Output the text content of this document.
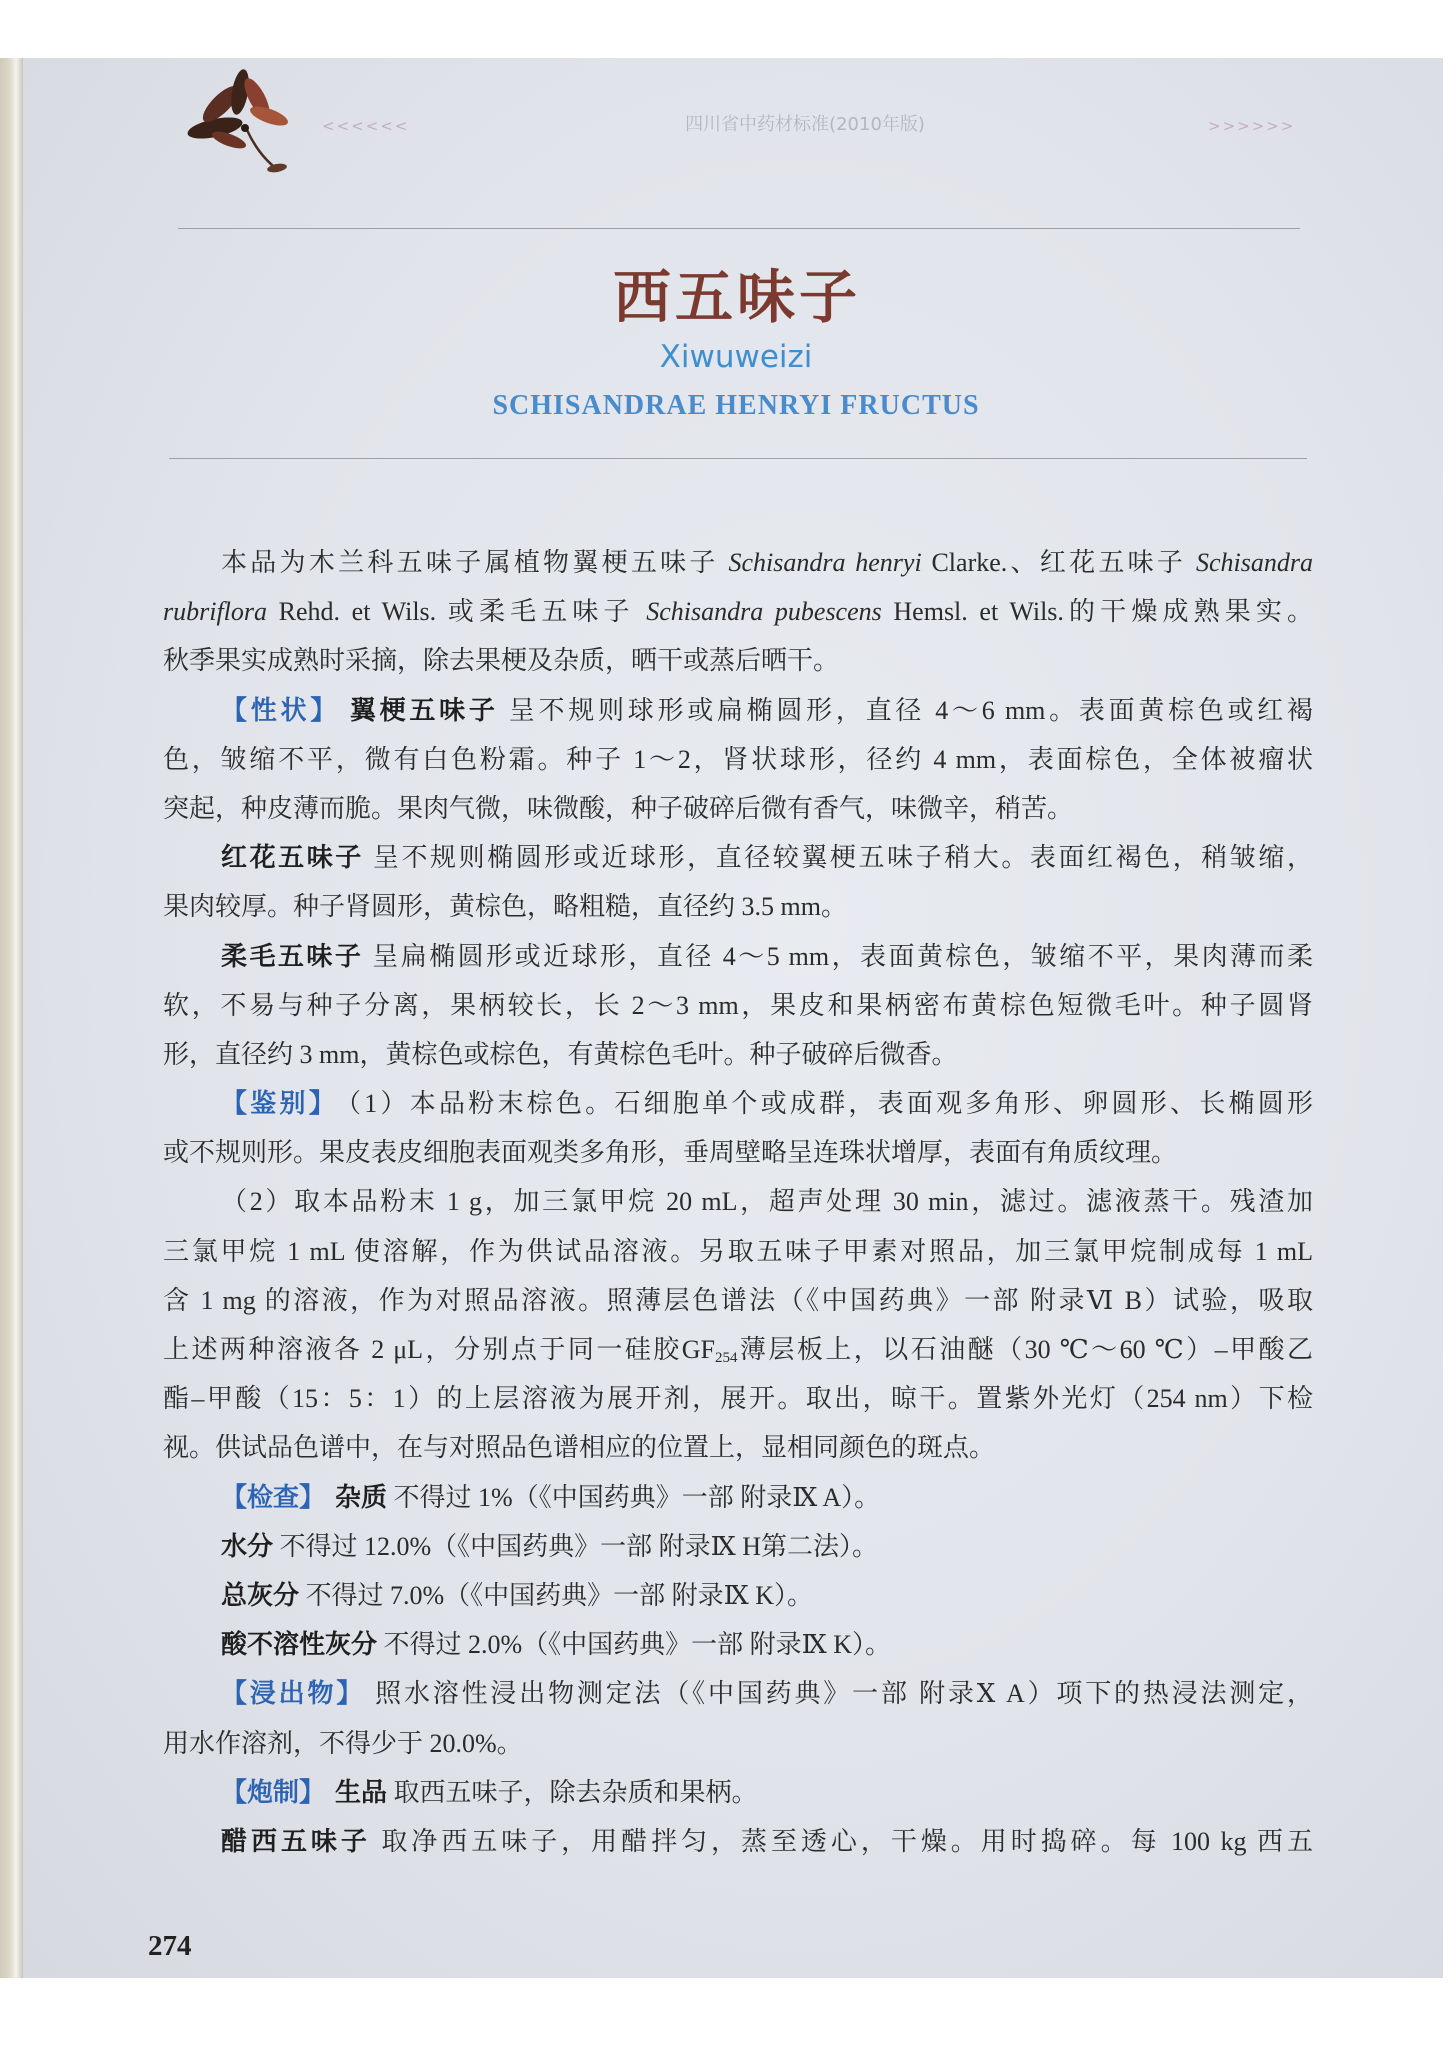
<<<<<<	四川省中药材标准(2010年版)	>>>>>>
西五味子
Xiwuweizi
SCHISANDRAE HENRYI FRUCTUS
本品为木兰科五味子属植物翼梗五味子 Schisandra henryi Clarke.、红花五味子 Schisandra
rubriflora Rehd. et Wils. 或柔毛五味子 Schisandra pubescens Hemsl. et Wils.的干燥成熟果实。
秋季果实成熟时采摘，除去果梗及杂质，晒干或蒸后晒干。
【性状】 翼梗五味子 呈不规则球形或扁椭圆形，直径 4～6 mm。表面黄棕色或红褐
色，皱缩不平，微有白色粉霜。种子 1～2，肾状球形，径约 4 mm，表面棕色，全体被瘤状
突起，种皮薄而脆。果肉气微，味微酸，种子破碎后微有香气，味微辛，稍苦。
红花五味子 呈不规则椭圆形或近球形，直径较翼梗五味子稍大。表面红褐色，稍皱缩，
果肉较厚。种子肾圆形，黄棕色，略粗糙，直径约 3.5 mm。
柔毛五味子 呈扁椭圆形或近球形，直径 4～5 mm，表面黄棕色，皱缩不平，果肉薄而柔
软，不易与种子分离，果柄较长，长 2～3 mm，果皮和果柄密布黄棕色短微毛叶。种子圆肾
形，直径约 3 mm，黄棕色或棕色，有黄棕色毛叶。种子破碎后微香。
【鉴别】 （1）本品粉末棕色。石细胞单个或成群，表面观多角形、卵圆形、长椭圆形
或不规则形。果皮表皮细胞表面观类多角形，垂周壁略呈连珠状增厚，表面有角质纹理。
（2）取本品粉末 1 g，加三氯甲烷 20 mL，超声处理 30 min，滤过。滤液蒸干。残渣加
三氯甲烷 1 mL 使溶解，作为供试品溶液。另取五味子甲素对照品，加三氯甲烷制成每 1 mL
含 1 mg 的溶液，作为对照品溶液。照薄层色谱法（《中国药典》一部 附录Ⅵ B）试验，吸取
上述两种溶液各 2 μL，分别点于同一硅胶GF254薄层板上，以石油醚（30 ℃～60 ℃）–甲酸乙
酯–甲酸（15：5：1）的上层溶液为展开剂，展开。取出，晾干。置紫外光灯（254 nm）下检
视。供试品色谱中，在与对照品色谱相应的位置上，显相同颜色的斑点。
【检查】 杂质 不得过 1%（《中国药典》一部 附录Ⅸ A）。
水分 不得过 12.0%（《中国药典》一部 附录Ⅸ H第二法）。
总灰分 不得过 7.0%（《中国药典》一部 附录Ⅸ K）。
酸不溶性灰分 不得过 2.0%（《中国药典》一部 附录Ⅸ K）。
【浸出物】 照水溶性浸出物测定法（《中国药典》一部 附录Ⅹ A）项下的热浸法测定，
用水作溶剂，不得少于 20.0%。
【炮制】 生品 取西五味子，除去杂质和果柄。
醋西五味子 取净西五味子，用醋拌匀，蒸至透心，干燥。用时捣碎。每 100 kg 西五
274
